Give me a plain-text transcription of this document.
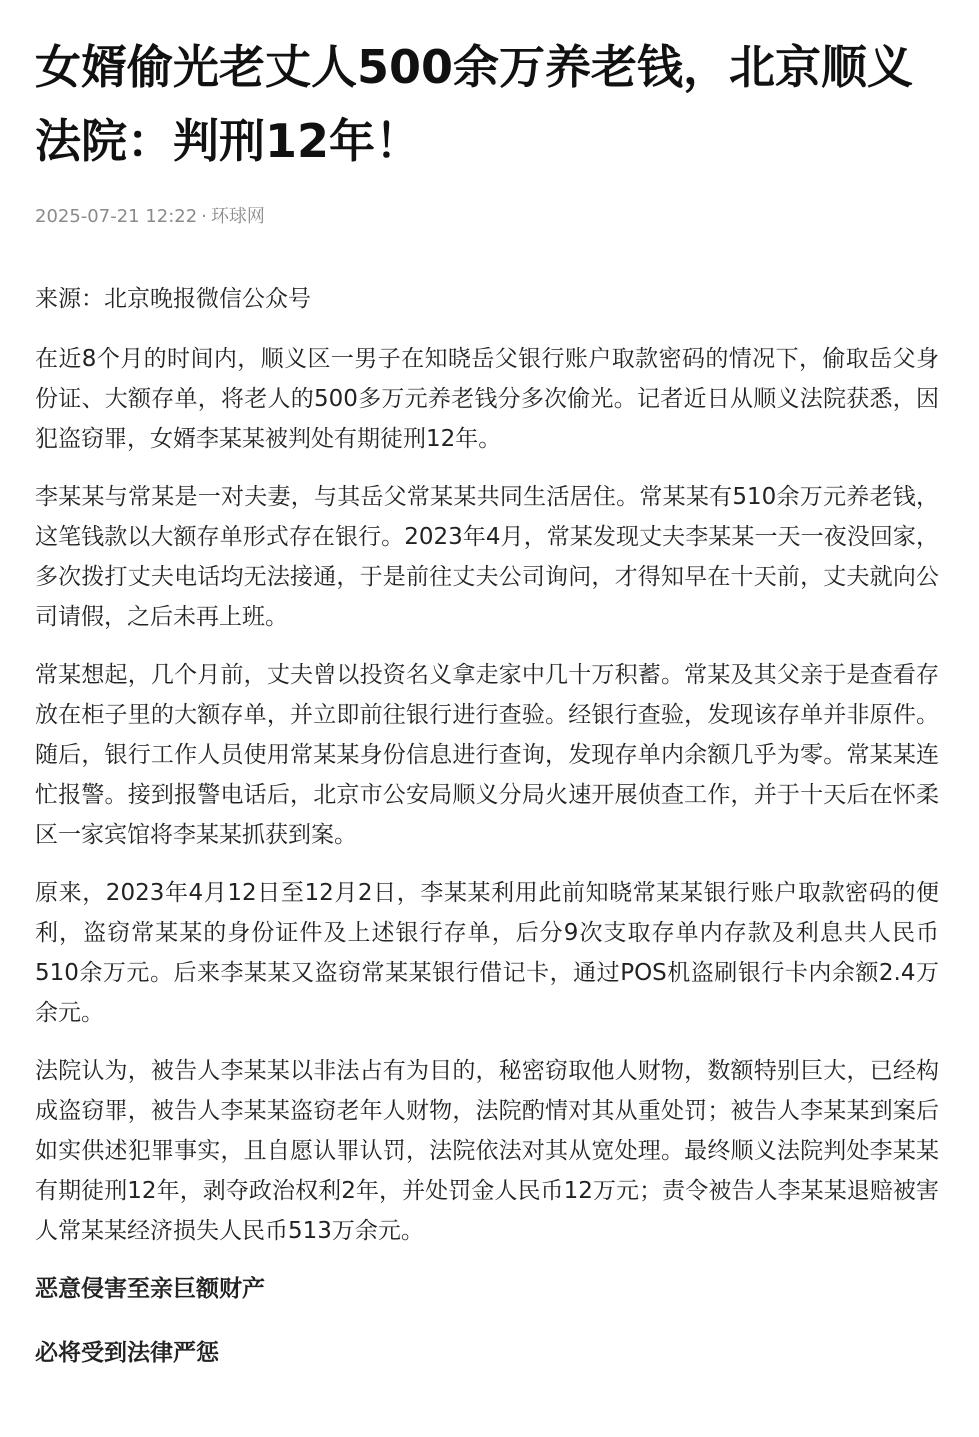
女婿偷光老丈人500余万养老钱，北京顺义法院：判刑12年！
2025-07-21 12:22 · 环球网

来源：北京晚报微信公众号

在近8个月的时间内，顺义区一男子在知晓岳父银行账户取款密码的情况下，偷取岳父身份证、大额存单，将老人的500多万元养老钱分多次偷光。记者近日从顺义法院获悉，因犯盗窃罪，女婿李某某被判处有期徒刑12年。

李某某与常某是一对夫妻，与其岳父常某某共同生活居住。常某某有510余万元养老钱，这笔钱款以大额存单形式存在银行。2023年4月，常某发现丈夫李某某一天一夜没回家，多次拨打丈夫电话均无法接通，于是前往丈夫公司询问，才得知早在十天前，丈夫就向公司请假，之后未再上班。

常某想起，几个月前，丈夫曾以投资名义拿走家中几十万积蓄。常某及其父亲于是查看存放在柜子里的大额存单，并立即前往银行进行查验。经银行查验，发现该存单并非原件。随后，银行工作人员使用常某某身份信息进行查询，发现存单内余额几乎为零。常某某连忙报警。接到报警电话后，北京市公安局顺义分局火速开展侦查工作，并于十天后在怀柔区一家宾馆将李某某抓获到案。

原来，2023年4月12日至12月2日，李某某利用此前知晓常某某银行账户取款密码的便利，盗窃常某某的身份证件及上述银行存单，后分9次支取存单内存款及利息共人民币510余万元。后来李某某又盗窃常某某银行借记卡，通过POS机盗刷银行卡内余额2.4万余元。

法院认为，被告人李某某以非法占有为目的，秘密窃取他人财物，数额特别巨大，已经构成盗窃罪，被告人李某某盗窃老年人财物，法院酌情对其从重处罚；被告人李某某到案后如实供述犯罪事实，且自愿认罪认罚，法院依法对其从宽处理。最终顺义法院判处李某某有期徒刑12年，剥夺政治权利2年，并处罚金人民币12万元；责令被告人李某某退赔被害人常某某经济损失人民币513万余元。

恶意侵害至亲巨额财产

必将受到法律严惩
